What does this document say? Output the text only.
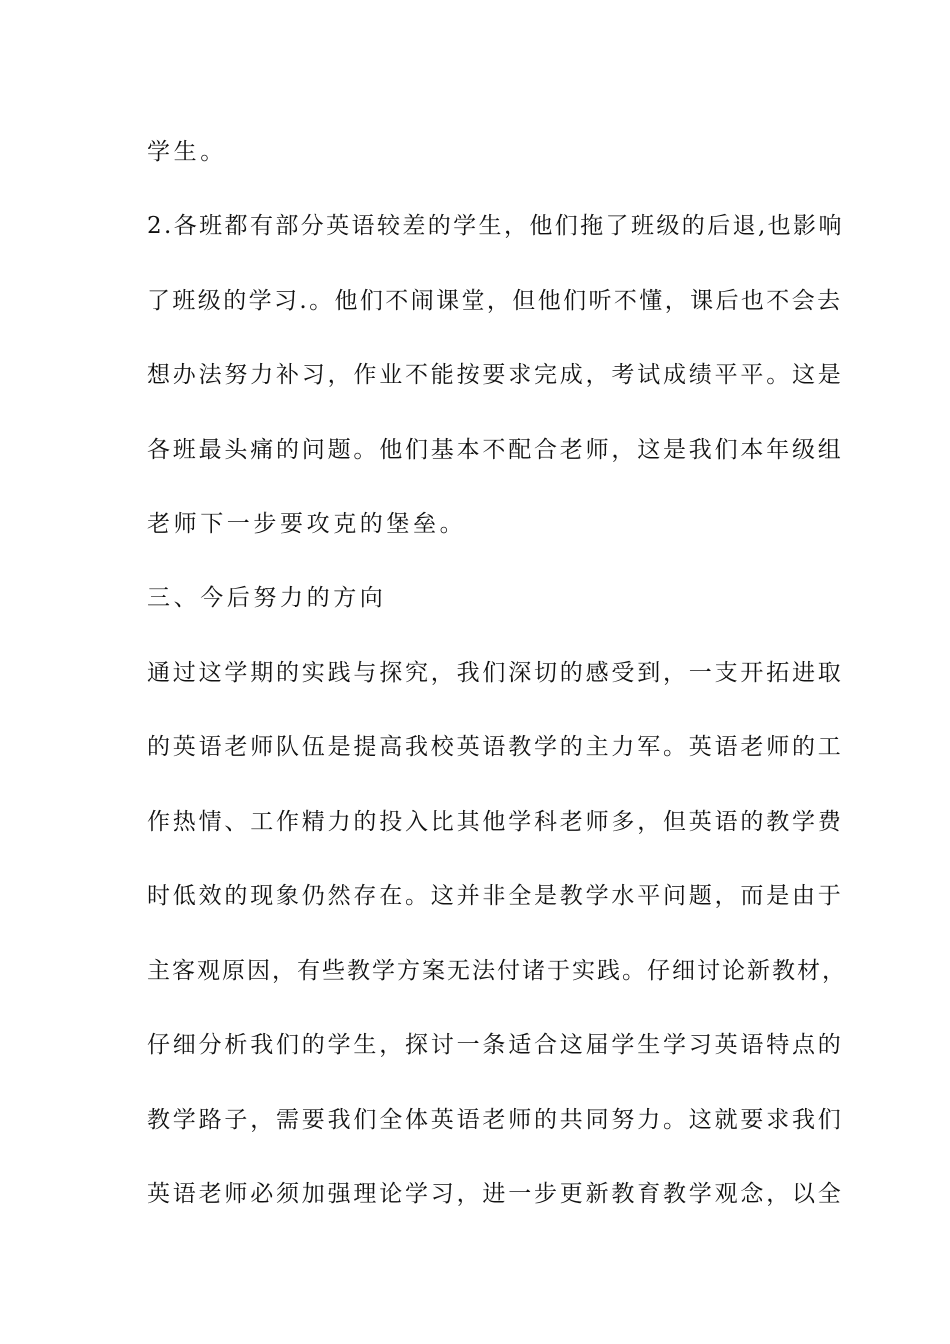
学生。
2.各班都有部分英语较差的学生，他们拖了班级的后退,也影响
了班级的学习.。他们不闹课堂，但他们听不懂，课后也不会去
想办法努力补习，作业不能按要求完成，考试成绩平平。这是
各班最头痛的问题。他们基本不配合老师，这是我们本年级组
老师下一步要攻克的堡垒。
三、今后努力的方向
通过这学期的实践与探究，我们深切的感受到，一支开拓进取
的英语老师队伍是提高我校英语教学的主力军。英语老师的工
作热情、工作精力的投入比其他学科老师多，但英语的教学费
时低效的现象仍然存在。这并非全是教学水平问题，而是由于
主客观原因，有些教学方案无法付诸于实践。仔细讨论新教材，
仔细分析我们的学生，探讨一条适合这届学生学习英语特点的
教学路子，需要我们全体英语老师的共同努力。这就要求我们
英语老师必须加强理论学习，进一步更新教育教学观念，以全
